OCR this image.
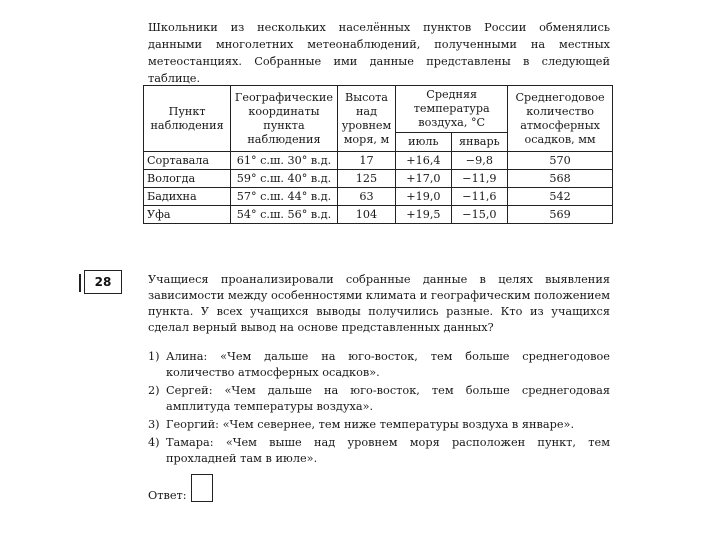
Школьники из нескольких населённых пунктов России обменялись данными многолетних метеонаблюдений, полученными на местных метеостанциях. Собранные ими данные представлены в следующей таблице.

Пункт наблюдения	Географические координаты пункта наблюдения	Высота над уровнем моря, м	Средняя температура воздуха, °С		Среднегодовое количество атмосферных осадков, мм
			июль	январь	
Сортавала	61° с.ш. 30° в.д.	17	+16,4	−9,8	570
Вологда	59° с.ш. 40° в.д.	125	+17,0	−11,9	568
Бадихна	57° с.ш. 44° в.д.	63	+19,0	−11,6	542
Уфа	54° с.ш. 56° в.д.	104	+19,5	−15,0	569
28	Учащиеся проанализировали собранные данные в целях выявления зависимости между особенностями климата и географическим положением пункта. У всех учащихся выводы получились разные. Кто из учащихся сделал верный вывод на основе представленных данных?

1) Алина: «Чем дальше на юго-восток, тем больше среднегодовое количество атмосферных осадков».
2) Сергей: «Чем дальше на юго-восток, тем больше среднегодовая амплитуда температуры воздуха».
3) Георгий: «Чем севернее, тем ниже температуры воздуха в январе».
4) Тамара: «Чем выше над уровнем моря расположен пункт, тем прохладней там в июле».
Ответ:
